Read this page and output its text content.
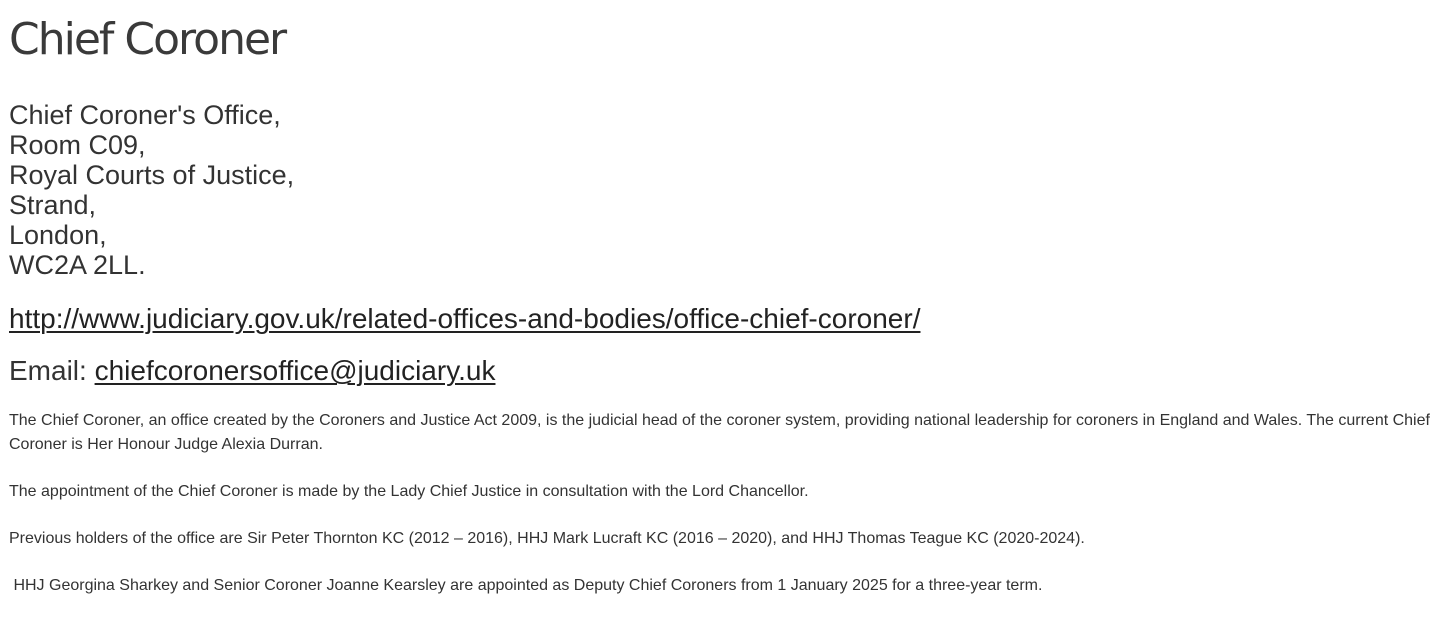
Chief Coroner
Chief Coroner's Office,
Room C09,
Royal Courts of Justice,
Strand,
London,
WC2A 2LL.
http://www.judiciary.gov.uk/related-offices-and-bodies/office-chief-coroner/
Email: chiefcoronersoffice@judiciary.uk

The Chief Coroner, an office created by the Coroners and Justice Act 2009, is the judicial head of the coroner system, providing national leadership for coroners in England and Wales. The current Chief Coroner is Her Honour Judge Alexia Durran.

The appointment of the Chief Coroner is made by the Lady Chief Justice in consultation with the Lord Chancellor.

Previous holders of the office are Sir Peter Thornton KC (2012 – 2016), HHJ Mark Lucraft KC (2016 – 2020), and HHJ Thomas Teague KC (2020-2024).

HHJ Georgina Sharkey and Senior Coroner Joanne Kearsley are appointed as Deputy Chief Coroners from 1 January 2025 for a three-year term.
